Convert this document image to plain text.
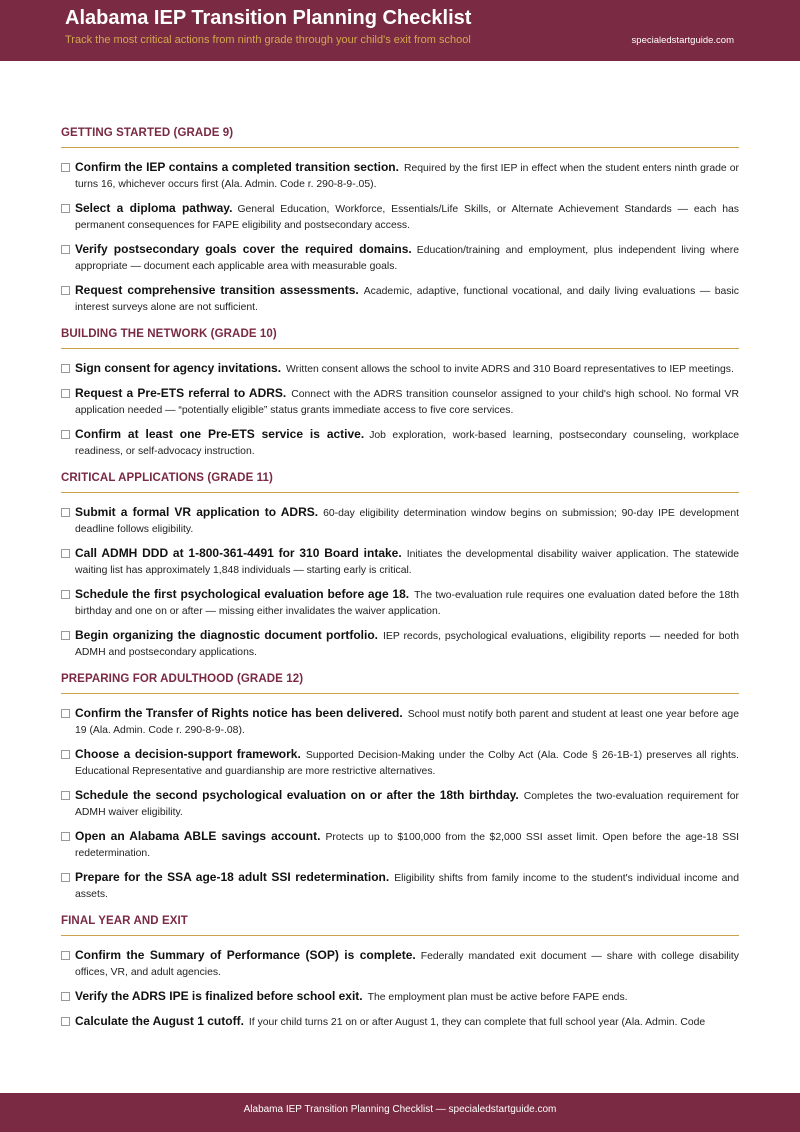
Alabama IEP Transition Planning Checklist
Track the most critical actions from ninth grade through your child's exit from school	specialedstartguide.com
GETTING STARTED (GRADE 9)
Confirm the IEP contains a completed transition section. Required by the first IEP in effect when the student enters ninth grade or turns 16, whichever occurs first (Ala. Admin. Code r. 290-8-9-.05).
Select a diploma pathway. General Education, Workforce, Essentials/Life Skills, or Alternate Achievement Standards — each has permanent consequences for FAPE eligibility and postsecondary access.
Verify postsecondary goals cover the required domains. Education/training and employment, plus independent living where appropriate — document each applicable area with measurable goals.
Request comprehensive transition assessments. Academic, adaptive, functional vocational, and daily living evaluations — basic interest surveys alone are not sufficient.
BUILDING THE NETWORK (GRADE 10)
Sign consent for agency invitations. Written consent allows the school to invite ADRS and 310 Board representatives to IEP meetings.
Request a Pre-ETS referral to ADRS. Connect with the ADRS transition counselor assigned to your child's high school. No formal VR application needed — “potentially eligible” status grants immediate access to five core services.
Confirm at least one Pre-ETS service is active. Job exploration, work-based learning, postsecondary counseling, workplace readiness, or self-advocacy instruction.
CRITICAL APPLICATIONS (GRADE 11)
Submit a formal VR application to ADRS. 60-day eligibility determination window begins on submission; 90-day IPE development deadline follows eligibility.
Call ADMH DDD at 1-800-361-4491 for 310 Board intake. Initiates the developmental disability waiver application. The statewide waiting list has approximately 1,848 individuals — starting early is critical.
Schedule the first psychological evaluation before age 18. The two-evaluation rule requires one evaluation dated before the 18th birthday and one on or after — missing either invalidates the waiver application.
Begin organizing the diagnostic document portfolio. IEP records, psychological evaluations, eligibility reports — needed for both ADMH and postsecondary applications.
PREPARING FOR ADULTHOOD (GRADE 12)
Confirm the Transfer of Rights notice has been delivered. School must notify both parent and student at least one year before age 19 (Ala. Admin. Code r. 290-8-9-.08).
Choose a decision-support framework. Supported Decision-Making under the Colby Act (Ala. Code § 26-1B-1) preserves all rights. Educational Representative and guardianship are more restrictive alternatives.
Schedule the second psychological evaluation on or after the 18th birthday. Completes the two-evaluation requirement for ADMH waiver eligibility.
Open an Alabama ABLE savings account. Protects up to $100,000 from the $2,000 SSI asset limit. Open before the age-18 SSI redetermination.
Prepare for the SSA age-18 adult SSI redetermination. Eligibility shifts from family income to the student's individual income and assets.
FINAL YEAR AND EXIT
Confirm the Summary of Performance (SOP) is complete. Federally mandated exit document — share with college disability offices, VR, and adult agencies.
Verify the ADRS IPE is finalized before school exit. The employment plan must be active before FAPE ends.
Calculate the August 1 cutoff. If your child turns 21 on or after August 1, they can complete that full school year (Ala. Admin. Code
Alabama IEP Transition Planning Checklist — specialedstartguide.com
